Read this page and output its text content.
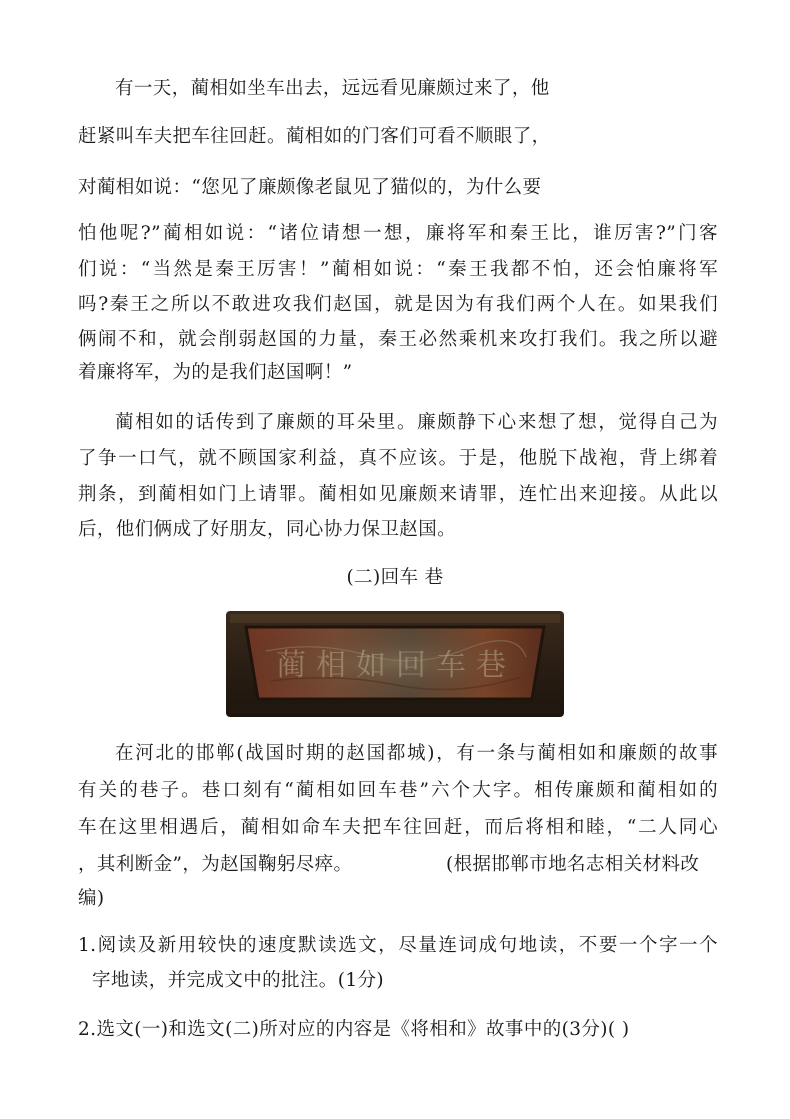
有一天，蔺相如坐车出去，远远看见廉颇过来了，他
赶紧叫车夫把车往回赶。蔺相如的门客们可看不顺眼了，
对蔺相如说：“您见了廉颇像老鼠见了猫似的，为什么要
怕他呢?”蔺相如说：“诸位请想一想，廉将军和秦王比，谁厉害?”门客
们说：“当然是秦王厉害！”蔺相如说：“秦王我都不怕，还会怕廉将军
吗?秦王之所以不敢进攻我们赵国，就是因为有我们两个人在。如果我们
俩闹不和，就会削弱赵国的力量，秦王必然乘机来攻打我们。我之所以避
着廉将军，为的是我们赵国啊！”
蔺相如的话传到了廉颇的耳朵里。廉颇静下心来想了想，觉得自己为
了争一口气，就不顾国家利益，真不应该。于是，他脱下战袍，背上绑着
荆条，到蔺相如门上请罪。蔺相如见廉颇来请罪，连忙出来迎接。从此以
后，他们俩成了好朋友，同心协力保卫赵国。
(二)回车 巷
蔺相如回车巷
在河北的邯郸(战国时期的赵国都城)，有一条与蔺相如和廉颇的故事
有关的巷子。巷口刻有“蔺相如回车巷”六个大字。相传廉颇和蔺相如的
车在这里相遇后，蔺相如命车夫把车往回赶，而后将相和睦，“二人同心
，其利断金”，为赵国鞠躬尽瘁。	(根据邯郸市地名志相关材料改
编)
1.阅读及新用较快的速度默读选文，尽量连词成句地读，不要一个字一个
字地读，并完成文中的批注。(1分)
2.选文(一)和选文(二)所对应的内容是《将相和》故事中的(3分)( )
